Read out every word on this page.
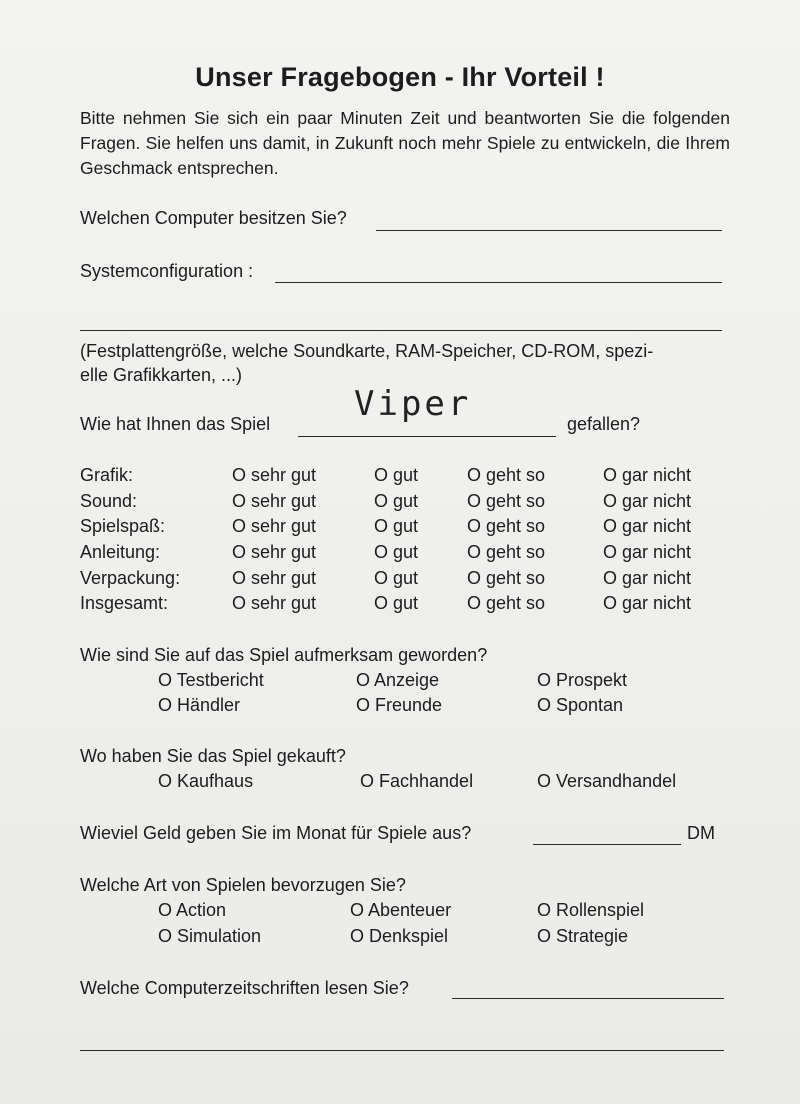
Unser Fragebogen - Ihr Vorteil !
Bitte nehmen Sie sich ein paar Minuten Zeit und beantworten Sie die folgenden Fragen. Sie helfen uns damit, in Zukunft noch mehr Spiele zu entwickeln, die Ihrem Geschmack entsprechen.
Welchen Computer besitzen Sie?
Systemconfiguration :
(Festplattengröße, welche Soundkarte, RAM-Speicher, CD-ROM, spezi-
elle Grafikkarten, ...)
Wie hat Ihnen das Spiel Viper	gefallen?
Grafik:	O sehr gut	O gut	O geht so	O gar nicht
Sound:	O sehr gut	O gut	O geht so	O gar nicht
Spielspaß:	O sehr gut	O gut	O geht so	O gar nicht
Anleitung:	O sehr gut	O gut	O geht so	O gar nicht
Verpackung:	O sehr gut	O gut	O geht so	O gar nicht
Insgesamt:	O sehr gut	O gut	O geht so	O gar nicht
Wie sind Sie auf das Spiel aufmerksam geworden?
O Testbericht	O Anzeige	O Prospekt
O Händler	O Freunde	O Spontan
Wo haben Sie das Spiel gekauft?
O Kaufhaus	O Fachhandel	O Versandhandel
Wieviel Geld geben Sie im Monat für Spiele aus?	DM
Welche Art von Spielen bevorzugen Sie?
O Action	O Abenteuer	O Rollenspiel
O Simulation	O Denkspiel	O Strategie
Welche Computerzeitschriften lesen Sie?
